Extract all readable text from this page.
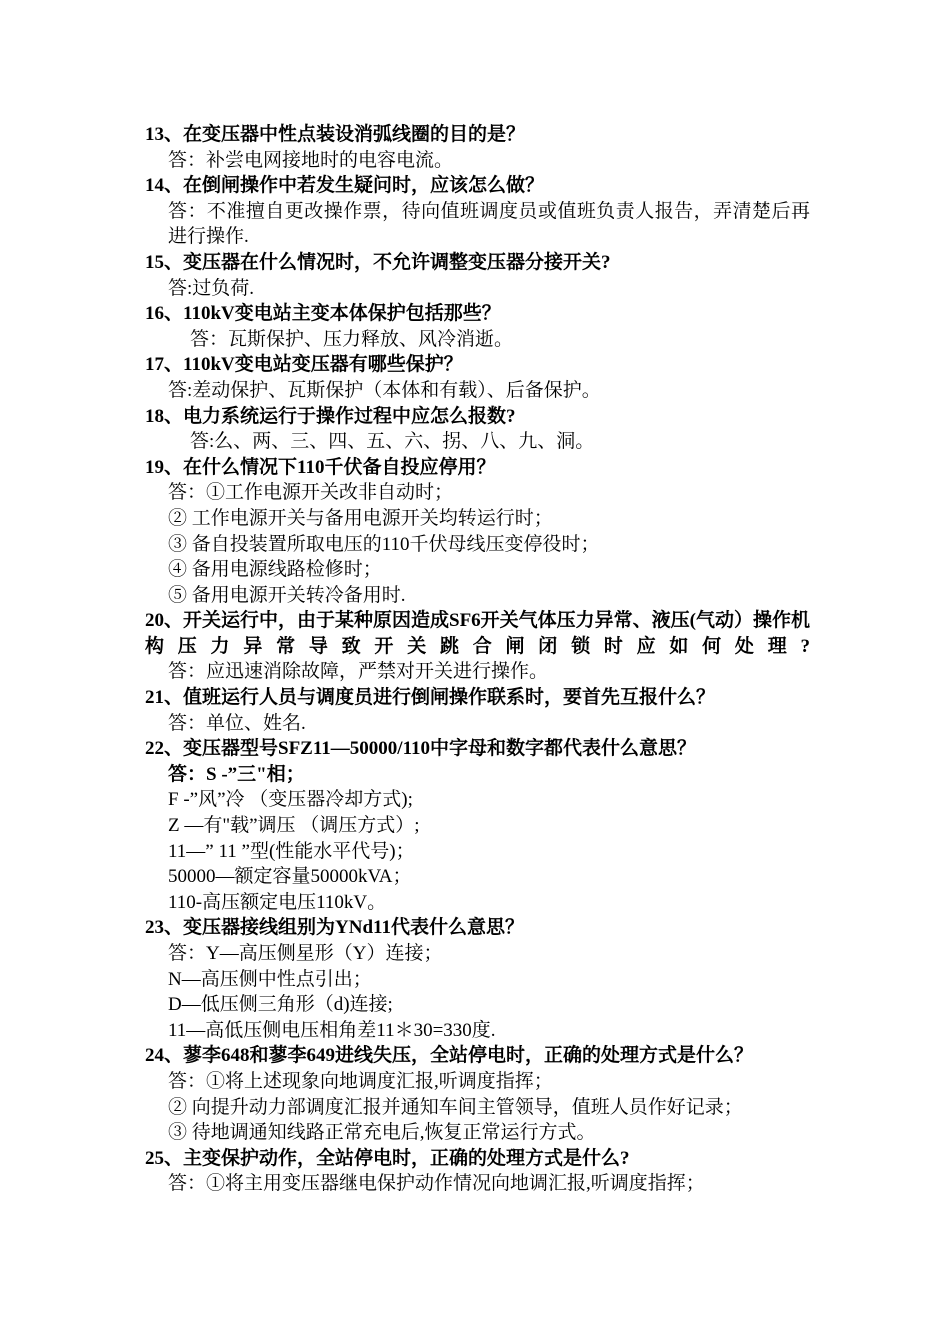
13、在变压器中性点装设消弧线圈的目的是？
答：补尝电网接地时的电容电流。
14、在倒闸操作中若发生疑问时，应该怎么做？
答：不准擅自更改操作票，待向值班调度员或值班负责人报告，弄清楚后再进行操作.
15、变压器在什么情况时，不允许调整变压器分接开关?
答:过负荷.
16、110kV变电站主变本体保护包括那些？
答：瓦斯保护、压力释放、风冷消逝。
17、110kV变电站变压器有哪些保护？
答:差动保护、瓦斯保护（本体和有载）、后备保护。
18、电力系统运行于操作过程中应怎么报数?
答:么、两、三、四、五、六、拐、八、九、洞。
19、在什么情况下110千伏备自投应停用？
答：①工作电源开关改非自动时；
② 工作电源开关与备用电源开关均转运行时；
③ 备自投装置所取电压的110千伏母线压变停役时；
④ 备用电源线路检修时；
⑤ 备用电源开关转冷备用时.
20、开关运行中，由于某种原因造成SF6开关气体压力异常、液压(气动）操作机构压力异常导致开关跳合闸闭锁时应如何处理?
答：应迅速消除故障，严禁对开关进行操作。
21、值班运行人员与调度员进行倒闸操作联系时，要首先互报什么？
答：单位、姓名.
22、变压器型号SFZ11—50000/110中字母和数字都代表什么意思？
答：S -”三"相；
F -”风”冷 （变压器冷却方式);
Z —有"载”调压 （调压方式）;
11—” 11 ”型(性能水平代号)；
50000—额定容量50000kVA；
110-高压额定电压110kV。
23、变压器接线组别为YNd11代表什么意思？
答：Y—高压侧星形（Y）连接；
N—高压侧中性点引出；
D—低压侧三角形（d)连接;
11—高低压侧电压相角差11＊30=330度.
24、蓼李648和蓼李649进线失压，全站停电时，正确的处理方式是什么？
答：①将上述现象向地调度汇报,听调度指挥；
② 向提升动力部调度汇报并通知车间主管领导，值班人员作好记录；
③ 待地调通知线路正常充电后,恢复正常运行方式。
25、主变保护动作，全站停电时，正确的处理方式是什么?
答：①将主用变压器继电保护动作情况向地调汇报,听调度指挥；
